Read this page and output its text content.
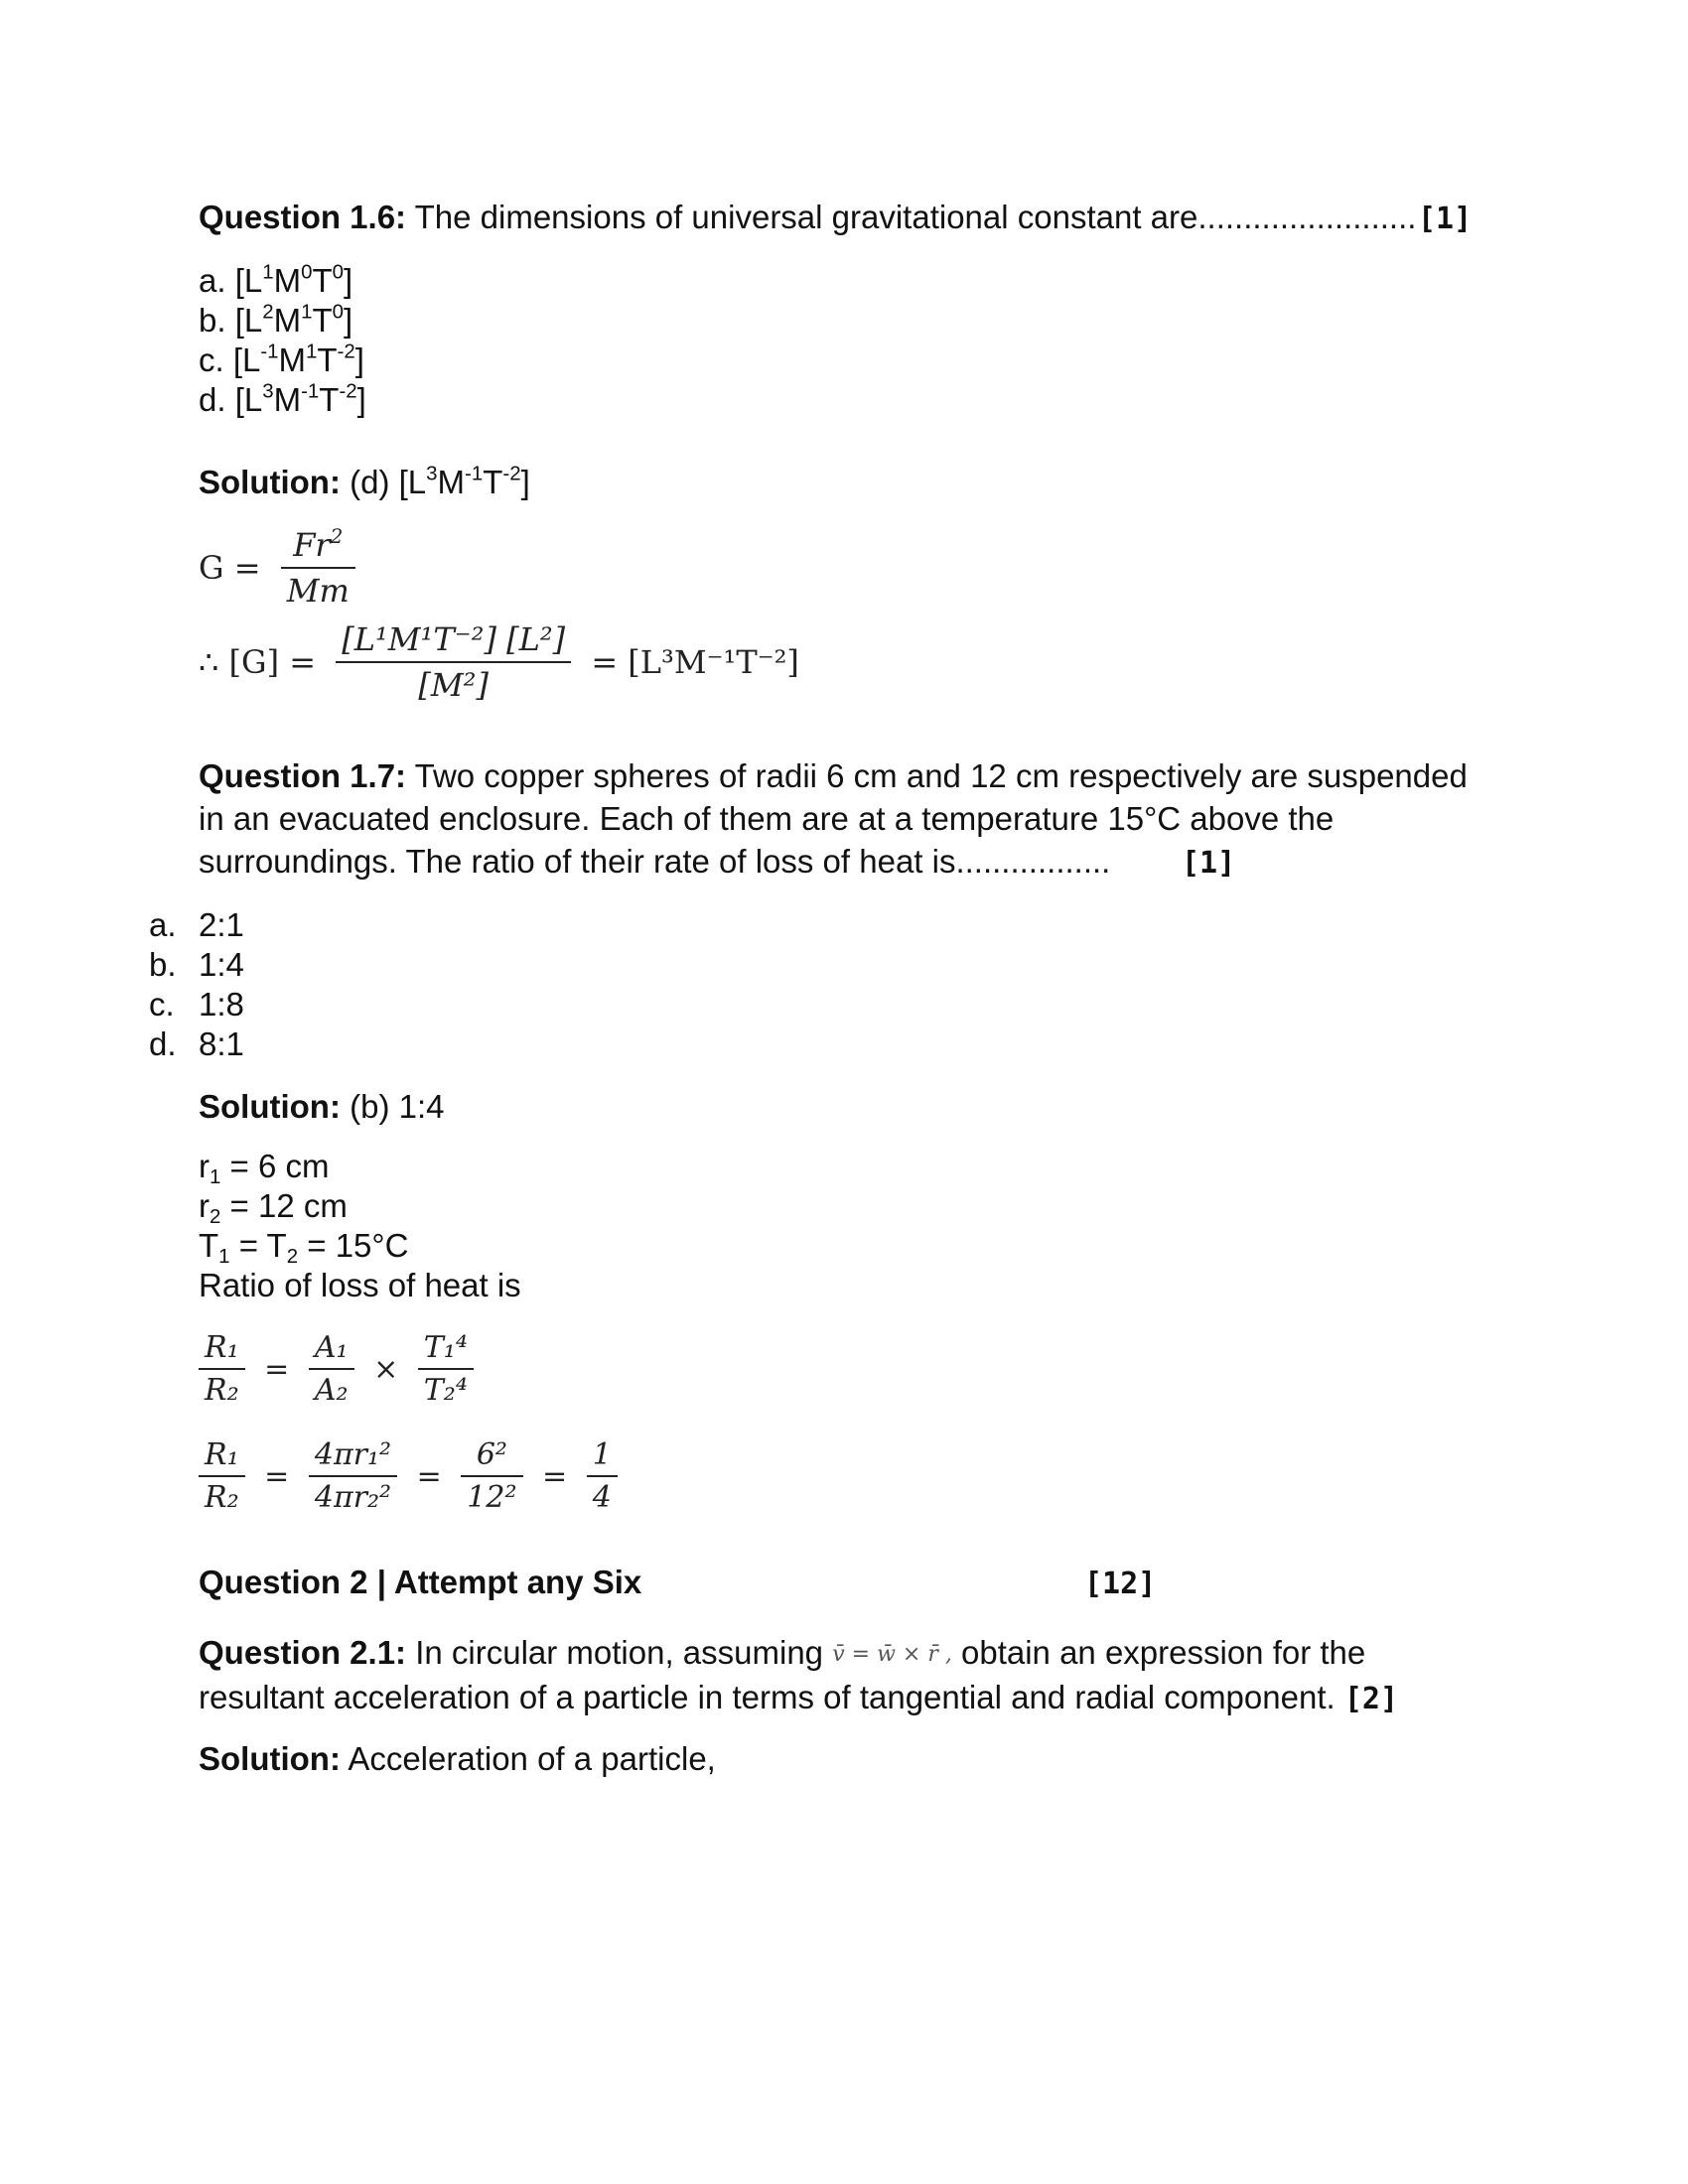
Question 1.6: The dimensions of universal gravitational constant are........................ [1]
a. $[L^1M^0T^0]$
b. $[L^2M^1T^0]$
c. $[L^{-1}M^1T^{-2}]$
d. $[L^3M^{-1}T^{-2}]$
Solution: (d) $[L^3M^{-1}T^{-2}]$
$G = \frac{Fr^2}{Mm}$
∴ $[G] = \frac{\text{[L¹M¹T⁻²] [L²]}}{\text{[M²]}} = [L^3M^{-1}T^{-2}]$
Question 1.7: Two copper spheres of radii 6 cm and 12 cm respectively are suspended
in an evacuated enclosure. Each of them are at a temperature 15°C above the
surroundings. The ratio of their rate of loss of heat is.................	[1]
a. 2:1
b. 1:4
c. 1:8
d. 8:1
Solution: (b) 1:4
r1 = 6 cm
r2 = 12 cm
T1 = T2 = 15°C
Ratio of loss of heat is
$\frac{\text{R₁}}{\text{R₂}} = \frac{\text{A₁}}{\text{A₂}} \times \frac{\text{T₁⁴}}{\text{T₂⁴}}$
$\frac{\text{R₁}}{\text{R₂}} = \frac{\text{4πr₁²}}{\text{4πr₂²}} = \frac{\text{6²}}{\text{12²}} = \frac{1}{4}$
Question 2 | Attempt any Six	[12]
Question 2.1: In circular motion, assuming v̄ = w̄ × r̄ , obtain an expression for the
resultant acceleration of a particle in terms of tangential and radial component. [2]
Solution: Acceleration of a particle,
